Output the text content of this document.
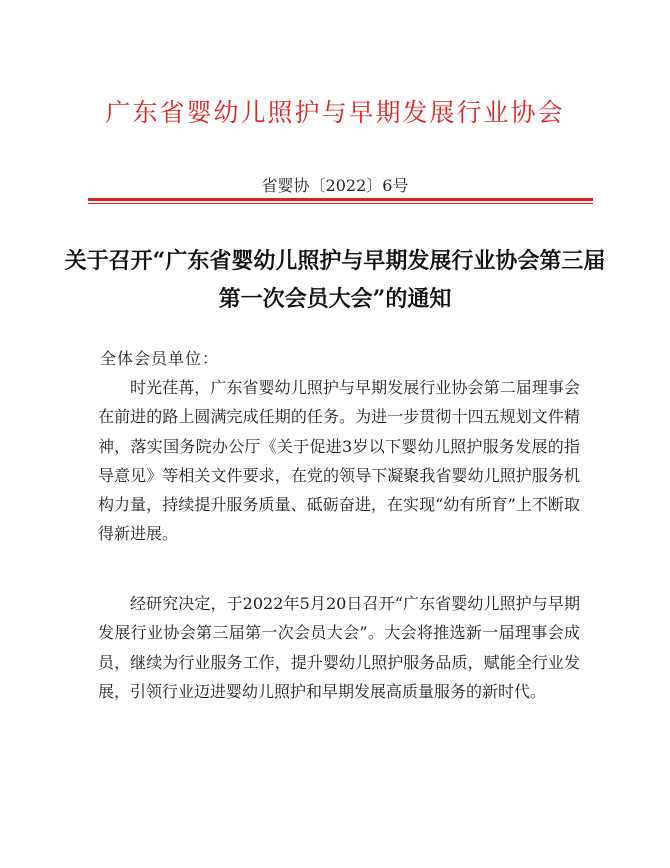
广东省婴幼儿照护与早期发展行业协会
省婴协〔2022〕6号
关于召开“广东省婴幼儿照护与早期发展行业协会第三届第一次会员大会”的通知
全体会员单位：

时光荏苒，广东省婴幼儿照护与早期发展行业协会第二届理事会在前进的路上圆满完成任期的任务。为进一步贯彻十四五规划文件精神，落实国务院办公厅《关于促进3岁以下婴幼儿照护服务发展的指导意见》等相关文件要求，在党的领导下凝聚我省婴幼儿照护服务机构力量，持续提升服务质量、砥砺奋进，在实现“幼有所育”上不断取得新进展。

经研究决定，于2022年5月20日召开“广东省婴幼儿照护与早期发展行业协会第三届第一次会员大会”。大会将推选新一届理事会成员，继续为行业服务工作，提升婴幼儿照护服务品质，赋能全行业发展，引领行业迈进婴幼儿照护和早期发展高质量服务的新时代。
